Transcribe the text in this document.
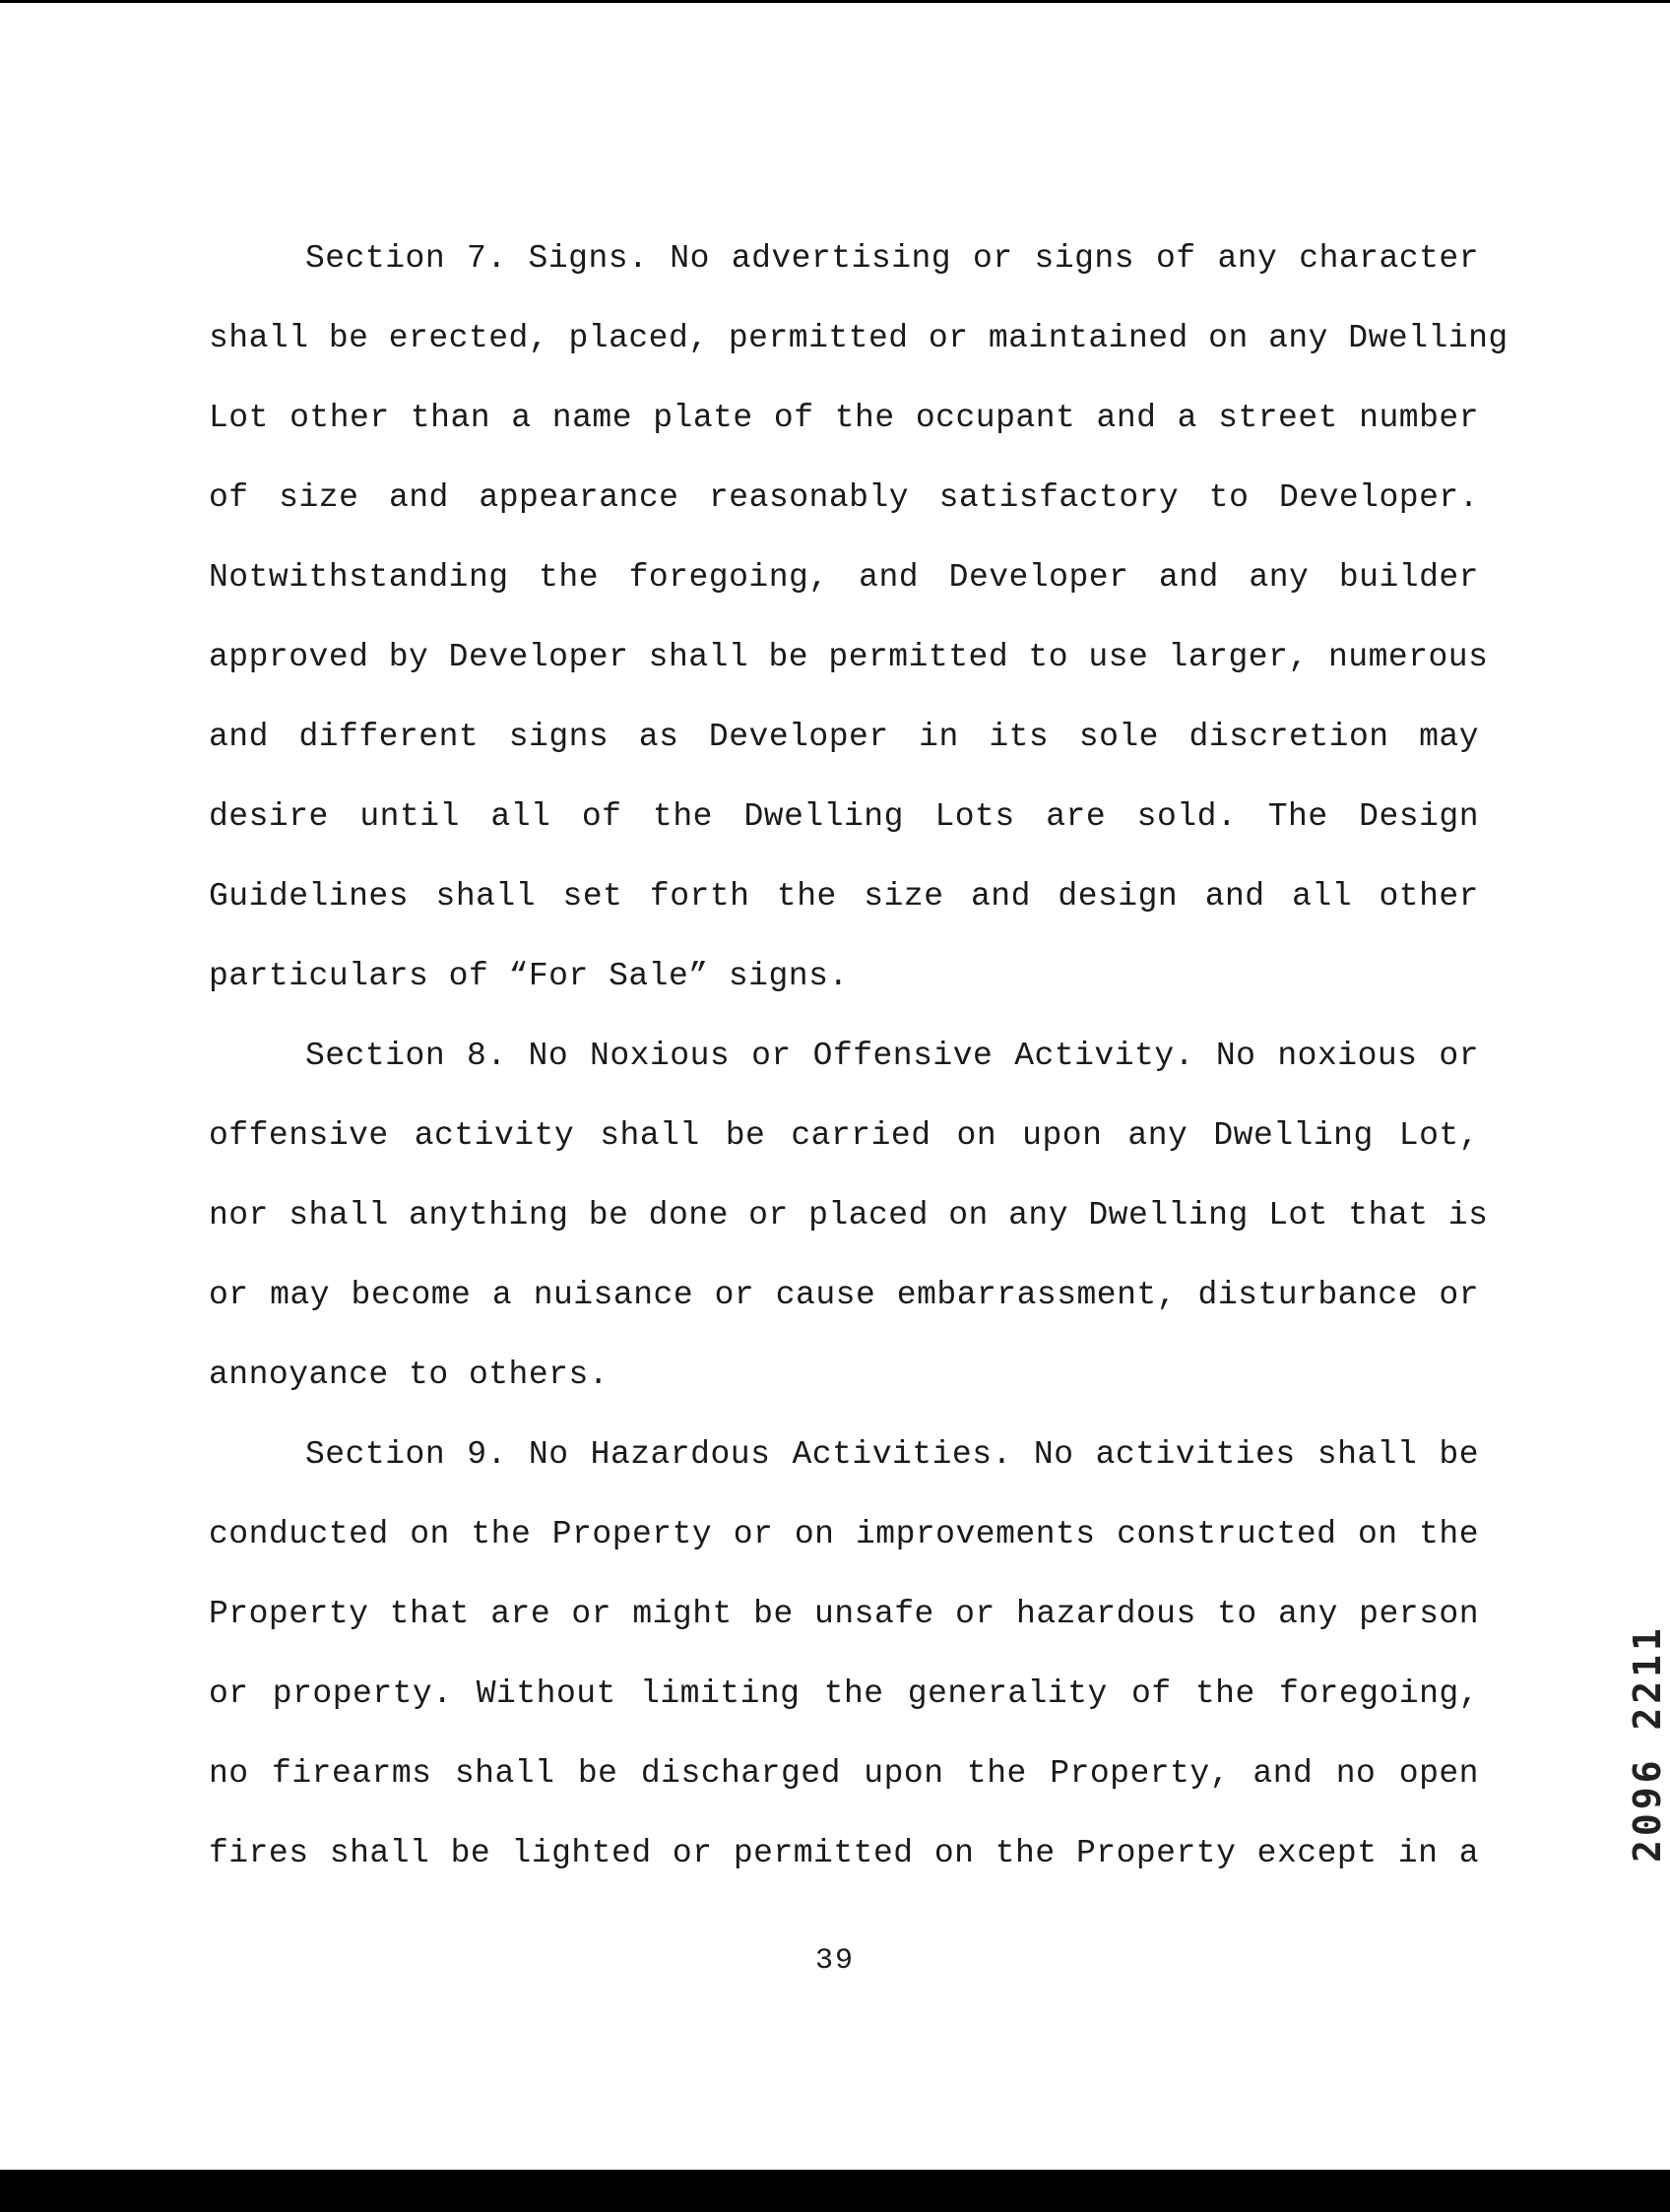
Section 7. Signs. No advertising or signs of any character
shall be erected, placed, permitted or maintained on any Dwelling
Lot other than a name plate of the occupant and a street number
of size and appearance reasonably satisfactory to Developer.
Notwithstanding the foregoing, and Developer and any builder
approved by Developer shall be permitted to use larger, numerous
and different signs as Developer in its sole discretion may
desire until all of the Dwelling Lots are sold. The Design
Guidelines shall set forth the size and design and all other
particulars of “For Sale” signs.
Section 8. No Noxious or Offensive Activity. No noxious or
offensive activity shall be carried on upon any Dwelling Lot,
nor shall anything be done or placed on any Dwelling Lot that is
or may become a nuisance or cause embarrassment, disturbance or
annoyance to others.
Section 9. No Hazardous Activities. No activities shall be
conducted on the Property or on improvements constructed on the
Property that are or might be unsafe or hazardous to any person
or property. Without limiting the generality of the foregoing,
no firearms shall be discharged upon the Property, and no open
fires shall be lighted or permitted on the Property except in a
39
2096 2211
